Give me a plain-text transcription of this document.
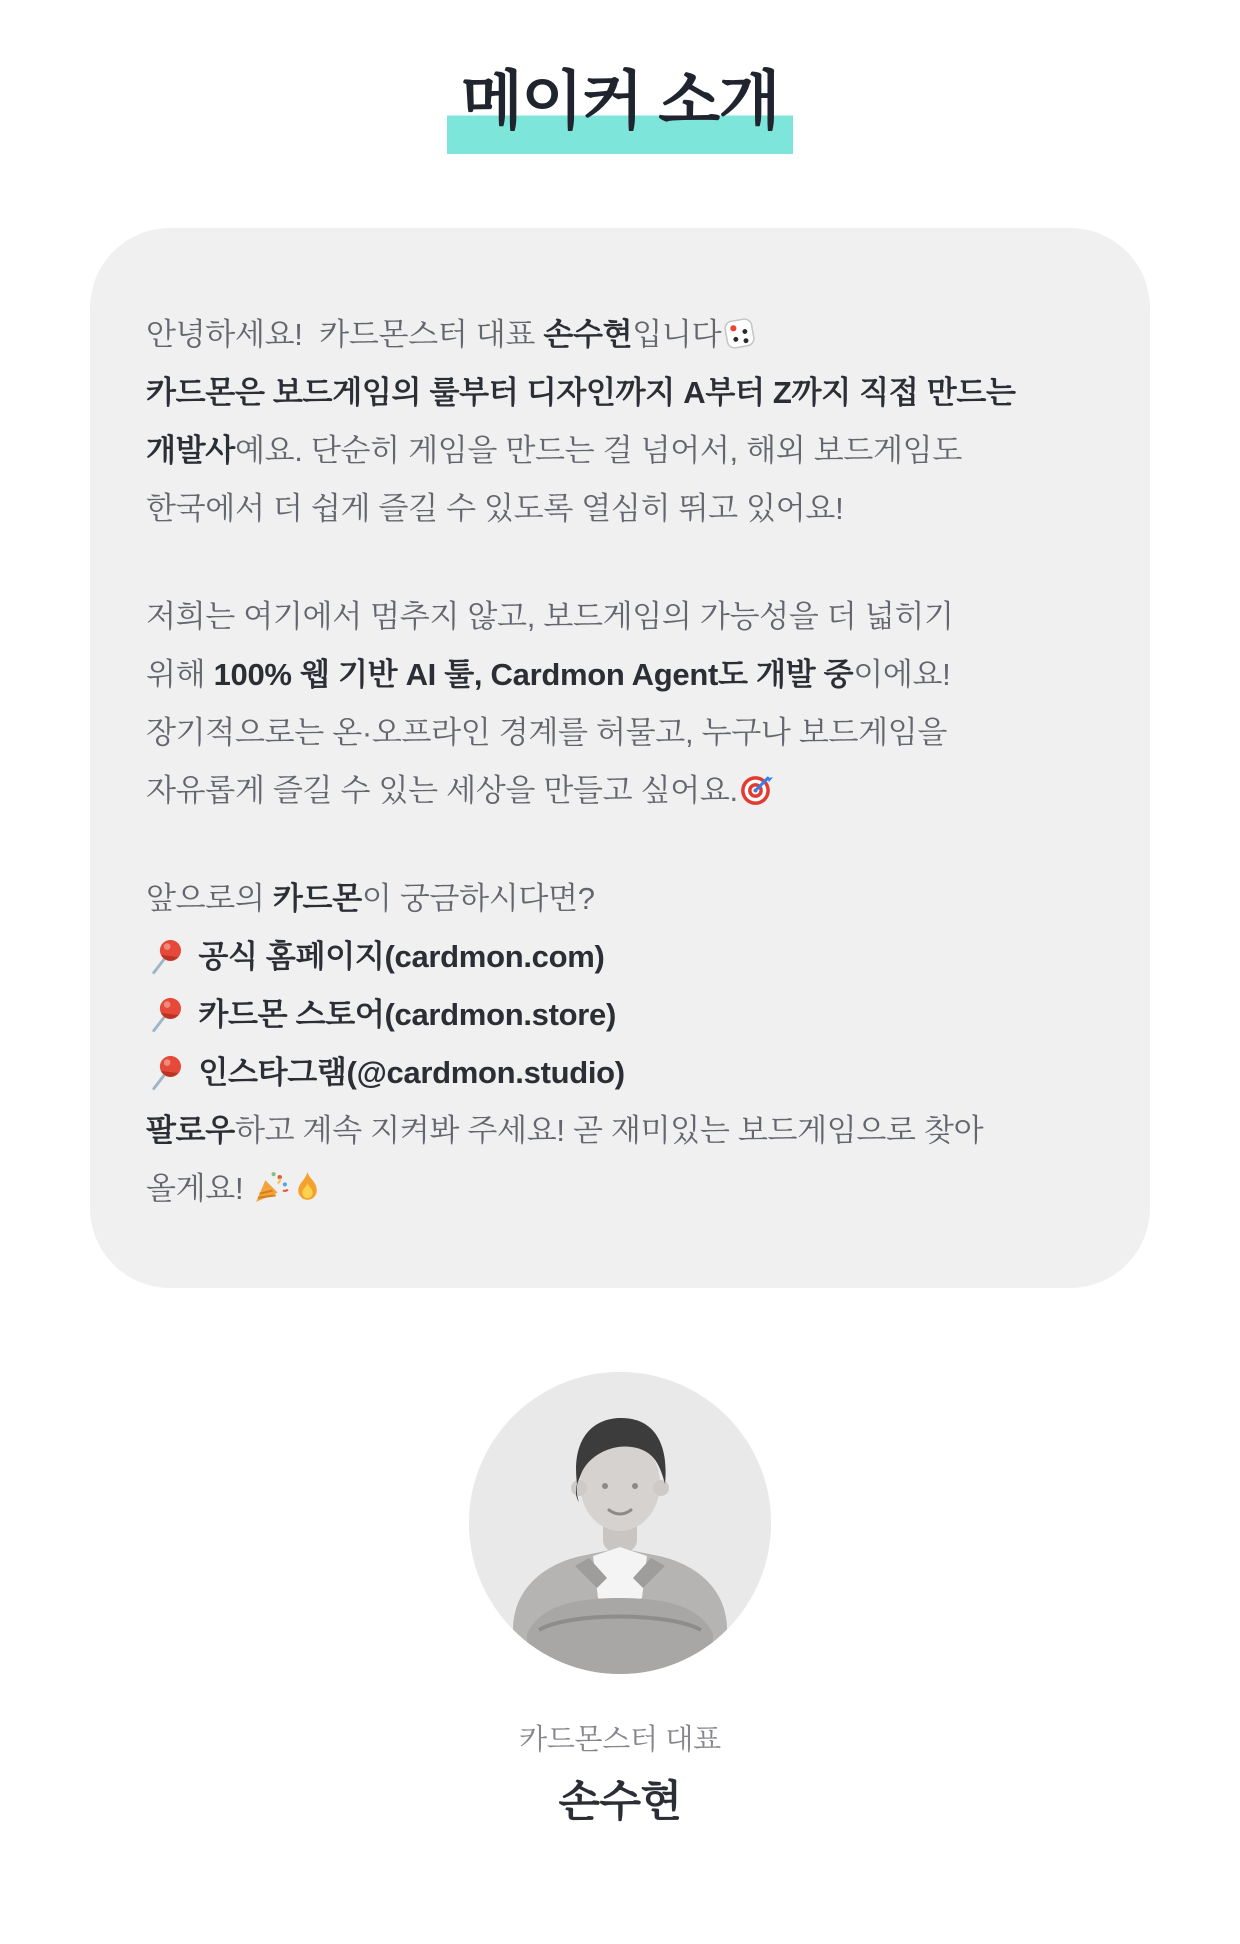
메이커 소개
안녕하세요!  카드몬스터 대표 손수현입니다
카드몬은 보드게임의 룰부터 디자인까지 A부터 Z까지 직접 만드는
개발사예요. 단순히 게임을 만드는 걸 넘어서, 해외 보드게임도
한국에서 더 쉽게 즐길 수 있도록 열심히 뛰고 있어요!
저희는 여기에서 멈추지 않고, 보드게임의 가능성을 더 넓히기
위해 100% 웹 기반 AI 툴, Cardmon Agent도 개발 중이에요!
장기적으로는 온·오프라인 경계를 허물고, 누구나 보드게임을
자유롭게 즐길 수 있는 세상을 만들고 싶어요.
앞으로의 카드몬이 궁금하시다면?
공식 홈페이지(cardmon.com)
카드몬 스토어(cardmon.store)
인스타그램(@cardmon.studio)
팔로우하고 계속 지켜봐 주세요! 곧 재미있는 보드게임으로 찾아
올게요!
카드몬스터 대표
손수현
